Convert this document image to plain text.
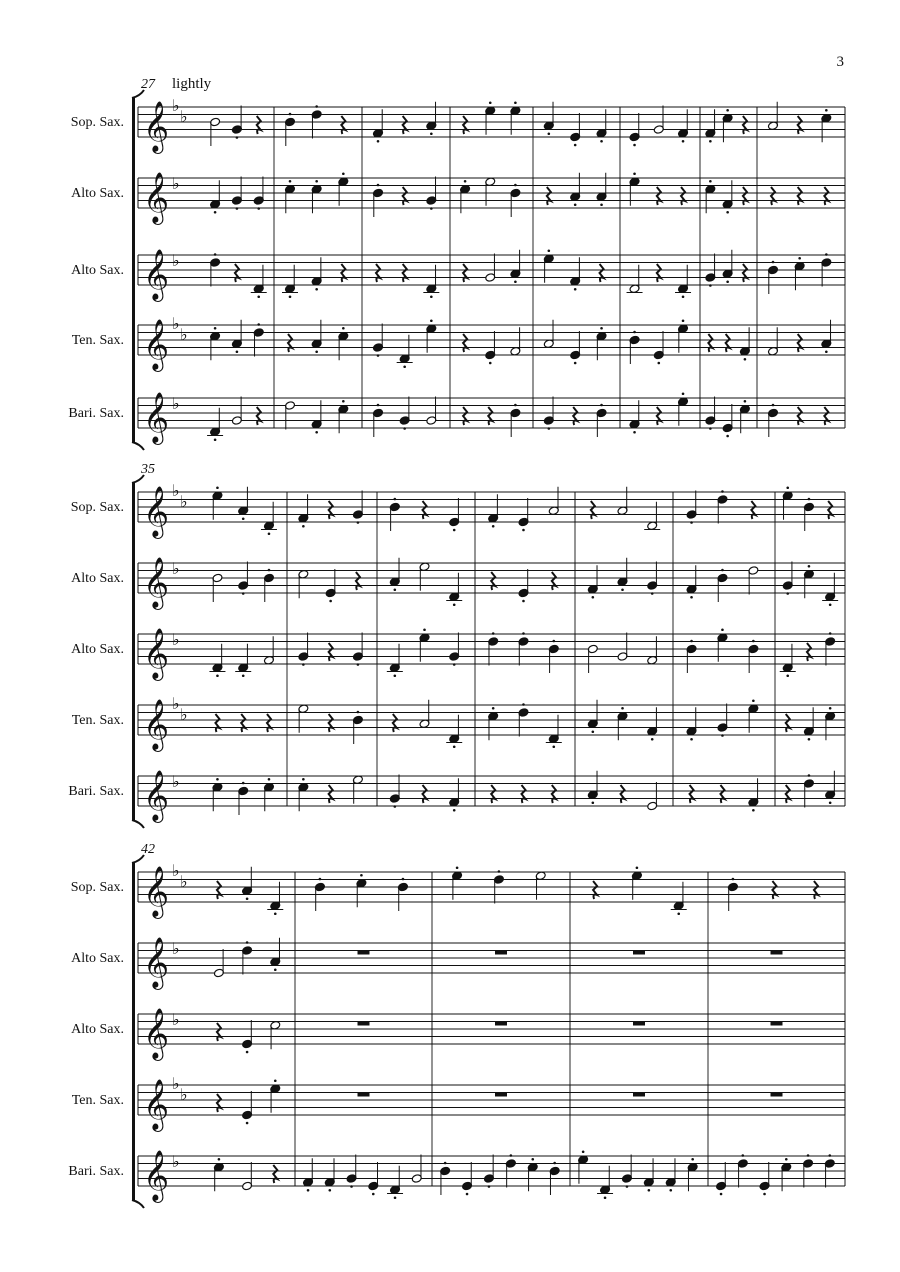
3
27 lightly
Sop. Sax.
Alto Sax.
Alto Sax.
Ten. Sax.
Bari. Sax.
𝄞 ♭
♭
𝄞 ♭
𝄞 ♭
𝄞 ♭
♭
𝄞 ♭
35
Sop. Sax.
Alto Sax.
Alto Sax.
Ten. Sax.
Bari. Sax.
𝄞 ♭
♭
𝄞 ♭
𝄞 ♭
𝄞 ♭
♭
𝄞 ♭
42
Sop. Sax.
Alto Sax.
Alto Sax.
Ten. Sax.
Bari. Sax.
𝄞 ♭
♭
𝄞 ♭
𝄞 ♭
𝄞 ♭
♭
𝄞 ♭
